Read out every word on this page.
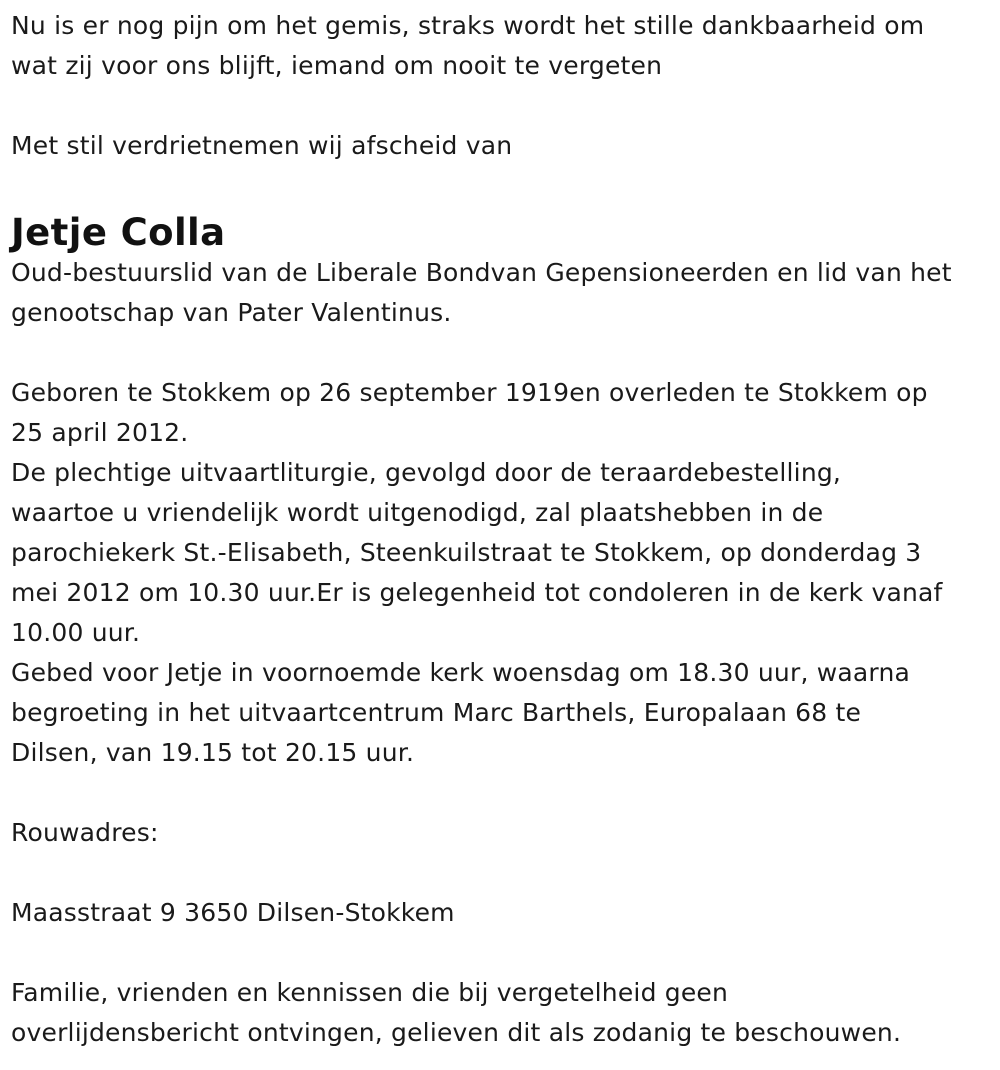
Nu is er nog pijn om het gemis, straks wordt het stille dankbaarheid om
wat zij voor ons blijft, iemand om nooit te vergeten

Met stil verdrietnemen wij afscheid van

Jetje Colla

Oud-bestuurslid van de Liberale Bondvan Gepensioneerden en lid van het
genootschap van Pater Valentinus.

Geboren te Stokkem op 26 september 1919en overleden te Stokkem op
25 april 2012.

De plechtige uitvaartliturgie, gevolgd door de teraardebestelling,
waartoe u vriendelijk wordt uitgenodigd, zal plaatshebben in de
parochiekerk St.-Elisabeth, Steenkuilstraat te Stokkem, op donderdag 3
mei 2012 om 10.30 uur.Er is gelegenheid tot condoleren in de kerk vanaf
10.00 uur.

Gebed voor Jetje in voornoemde kerk woensdag om 18.30 uur, waarna
begroeting in het uitvaartcentrum Marc Barthels, Europalaan 68 te
Dilsen, van 19.15 tot 20.15 uur.

Rouwadres:

Maasstraat 9 3650 Dilsen-Stokkem

Familie, vrienden en kennissen die bij vergetelheid geen
overlijdensbericht ontvingen, gelieven dit als zodanig te beschouwen.
